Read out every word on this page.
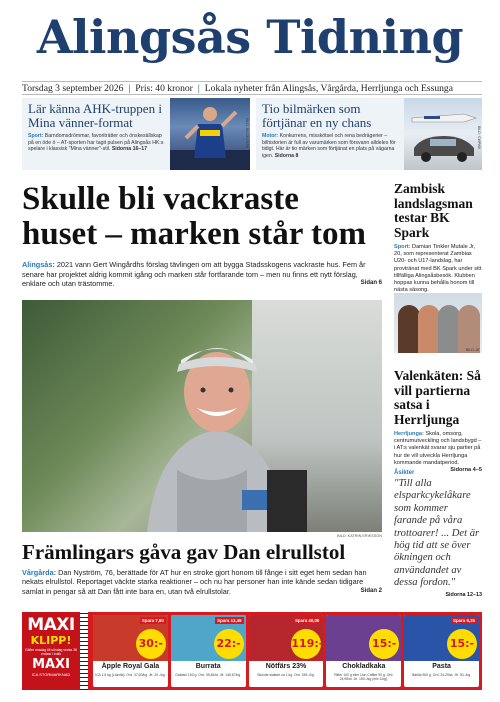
Alingsås Tidning
Torsdag 3 september 2026 | Pris: 40 kronor | Lokala nyheter från Alingsås, Vårgårda, Herrljunga och Essunga
Lär känna AHK-truppen i Mina vänner-format

Sport: Barndomsdrömmar, favoriträtter och önskesällskap på en öde ö – AT-sporten har tagit pulsen på Alingsås HK:s spelare i klassisk "Mina vänner"-stil. Sidorna 16–17

BILD: BILDBYRÅN
Tio bilmärken som förtjänar en ny chans

Motor: Konkurrens, misskötsel och rena bedrägerier – bilhistorien är full av varumärken som försvann alldeles för tidigt. Här är tio märken som förtjänat en plats på vägarna igen. Sidorna 8

BILD: CWPAB
Skulle bli vackraste huset – marken står tom
Alingsås: 2021 vann Gert Wingårdhs förslag tävlingen om att bygga Stadsskogens vackraste hus. Fem år senare har projektet aldrig kommit igång och marken står fortfarande tom – men nu finns ett nytt förslag, enklare och utan trästomme.	Sidan 6
BILD: KATRIN ERIKSSON
Främlingars gåva gav Dan elrullstol
Vårgårda: Dan Nyström, 76, berättade för AT hur en stroke gjort honom till fånge i sitt eget hem sedan han nekats elrullstol. Reportaget väckte starka reaktioner – och nu har personer han inte kände sedan tidigare samlat in pengar så att Dan fått inte bara en, utan två elrullstolar.	Sidan 2
Zambisk landslagsman testar BK Spark
Sport: Damian Tinkler Mutale Jr, 20, som representerat Zambias U20- och U17-landslag, har provtränat med BK Spark under sitt tillfälliga Alingsåsbesök. Klubben hoppas kunna behålla honom till nästa säsong.
BILD: AT
Valenkäten: Så vill partierna satsa i Herrljunga
Herrljunga: Skola, omsorg, centrumutveckling och landsbygd – i AT:s valenkät svarar sju partier på hur de vill utveckla Herrljunga kommande mandatperiod.
Sidorna 4–5
Åsikter
"Till alla elsparkcykelåkare som kommer farande på våra trottoarer! ... Det är hög tid att se över ökningen och användandet av dessa fordon."
Sidorna 12–13
MAXI
KLIPP!
Gäller onsdag till söndag vecka 36 endast i butik
MAXI
ICA STORMARKNAD
Spara 7,60
30:-
Äpple Royal Gala
ICA 1,5 kg (Lösvikt). Ord. 37,60/kg. Jfr. 20:-/kg.
Spara 13,45
22:-
Burrata
Galbani 150 g. Ord. 35,45/st. Jfr. 146,67/kg.
Spara 40,00
119:-
Nötfärs 23%
Skövde slakteri ca 1 kg. Ord. 159:-/kg.
15:-
Chokladkaka
Ritter 100 g eller Lion Caffee 90 g. Ord. 24,95/st. Jfr. 150:-/kg (mix 1/kg).
Spara 9,25
15:-
Pasta
Barilla 500 g. Ord. 24,25/st. Jfr. 30:-/kg.
